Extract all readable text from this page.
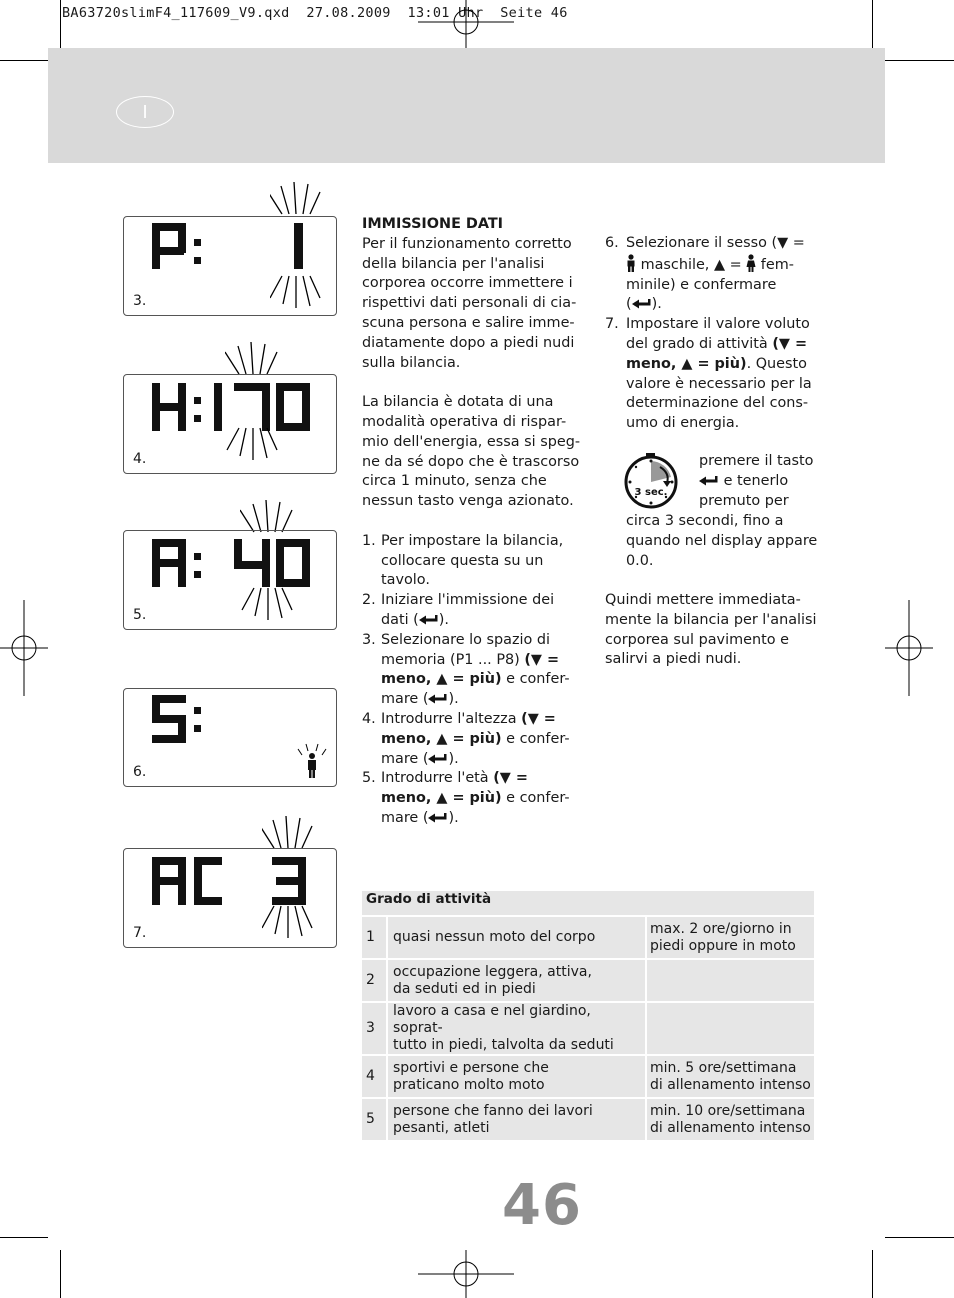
BA63720slimF4_117609_V9.qxd  27.08.2009  13:01 Uhr  Seite 46
I
3.
4.
5.
6.
7.

IMMISSIONE DATI

Per il funzionamento corretto

della bilancia per l'analisi

corporea occorre immettere i

rispettivi dati personali di cia-

scuna persona e salire imme-

diatamente dopo a piedi nudi

sulla bilancia.

La bilancia è dotata di una

modalità operativa di rispar-

mio dell'energia, essa si speg-

ne da sé dopo che è trascorso

circa 1 minuto, senza che

nessun tasto venga azionato.

1. Per impostare la bilancia,
collocare questa su un
tavolo.
2. Iniziare l'immissione dei
dati ( ).
3. Selezionare lo spazio di
memoria (P1 ... P8) (▼ =
meno, ▲ = più) e confer-
mare ( ).
4. Introdurre l'altezza (▼ =
meno, ▲ = più) e confer-
mare ( ).
5. Introdurre l'età (▼ =
meno, ▲ = più) e confer-
mare ( ).
6. Selezionare il sesso (▼ =
maschile, ▲ =  fem-
minile) e confermare
( ).
7. Impostare il valore voluto
del grado di attività (▼ =
meno, ▲ = più). Questo
valore è necessario per la
determinazione del cons-
umo di energia.
3 sec.

premere il tasto

e tenerlo

premuto per

circa 3 secondi, fino a

quando nel display appare

0.0.

Quindi mettere immediata-

mente la bilancia per l'analisi

corporea sul pavimento e

salirvi a piedi nudi.

Grado di attività		
1	quasi nessun moto del corpo	max. 2 ore/giorno in
piedi oppure in moto
2	occupazione leggera, attiva,
da seduti ed in piedi	

3	lavoro a casa e nel giardino, soprat-
tutto in piedi, talvolta da seduti	

4	sportivi e persone che
praticano molto moto	min. 5 ore/settimana
di allenamento intenso
5	persone che fanno dei lavori
pesanti, atleti	min. 10 ore/settimana
di allenamento intenso
46
